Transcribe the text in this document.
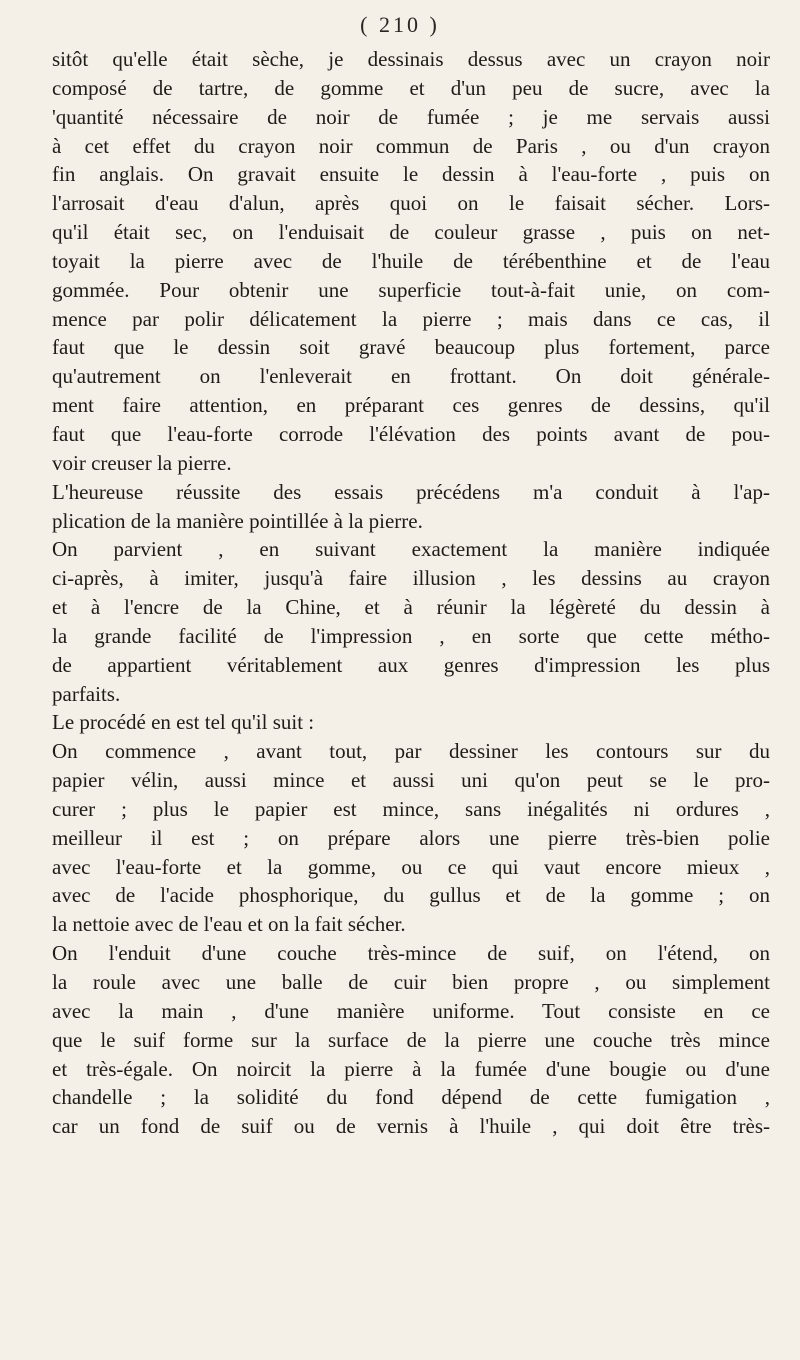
( 210 )
sitôt qu'elle était sèche, je dessinais dessus avec un crayon noir
composé de tartre, de gomme et d'un peu de sucre, avec la
'quantité nécessaire de noir de fumée ; je me servais aussi
à cet effet du crayon noir commun de Paris , ou d'un crayon
fin anglais. On gravait ensuite le dessin à l'eau-forte , puis on
l'arrosait d'eau d'alun, après quoi on le faisait sécher. Lors-
qu'il était sec, on l'enduisait de couleur grasse , puis on net-
toyait la pierre avec de l'huile de térébenthine et de l'eau
gommée. Pour obtenir une superficie tout-à-fait unie, on com-
mence par polir délicatement la pierre ; mais dans ce cas, il
faut que le dessin soit gravé beaucoup plus fortement, parce
qu'autrement on l'enleverait en frottant. On doit générale-
ment faire attention, en préparant ces genres de dessins, qu'il
faut que l'eau-forte corrode l'élévation des points avant de pou-
voir creuser la pierre.
L'heureuse réussite des essais précédens m'a conduit à l'ap-
plication de la manière pointillée à la pierre.
On parvient , en suivant exactement la manière indiquée
ci-après, à imiter, jusqu'à faire illusion , les dessins au crayon
et à l'encre de la Chine, et à réunir la légèreté du dessin à
la grande facilité de l'impression , en sorte que cette métho-
de appartient véritablement aux genres d'impression les plus
parfaits.
Le procédé en est tel qu'il suit :
On commence , avant tout, par dessiner les contours sur du
papier vélin, aussi mince et aussi uni qu'on peut se le pro-
curer ; plus le papier est mince, sans inégalités ni ordures ,
meilleur il est ; on prépare alors une pierre très-bien polie
avec l'eau-forte et la gomme, ou ce qui vaut encore mieux ,
avec de l'acide phosphorique, du gullus et de la gomme ; on
la nettoie avec de l'eau et on la fait sécher.
On l'enduit d'une couche très-mince de suif, on l'étend, on
la roule avec une balle de cuir bien propre , ou simplement
avec la main , d'une manière uniforme. Tout consiste en ce
que le suif forme sur la surface de la pierre une couche très mince
et très-égale. On noircit la pierre à la fumée d'une bougie ou d'une
chandelle ; la solidité du fond dépend de cette fumigation ,
car un fond de suif ou de vernis à l'huile , qui doit être très-
